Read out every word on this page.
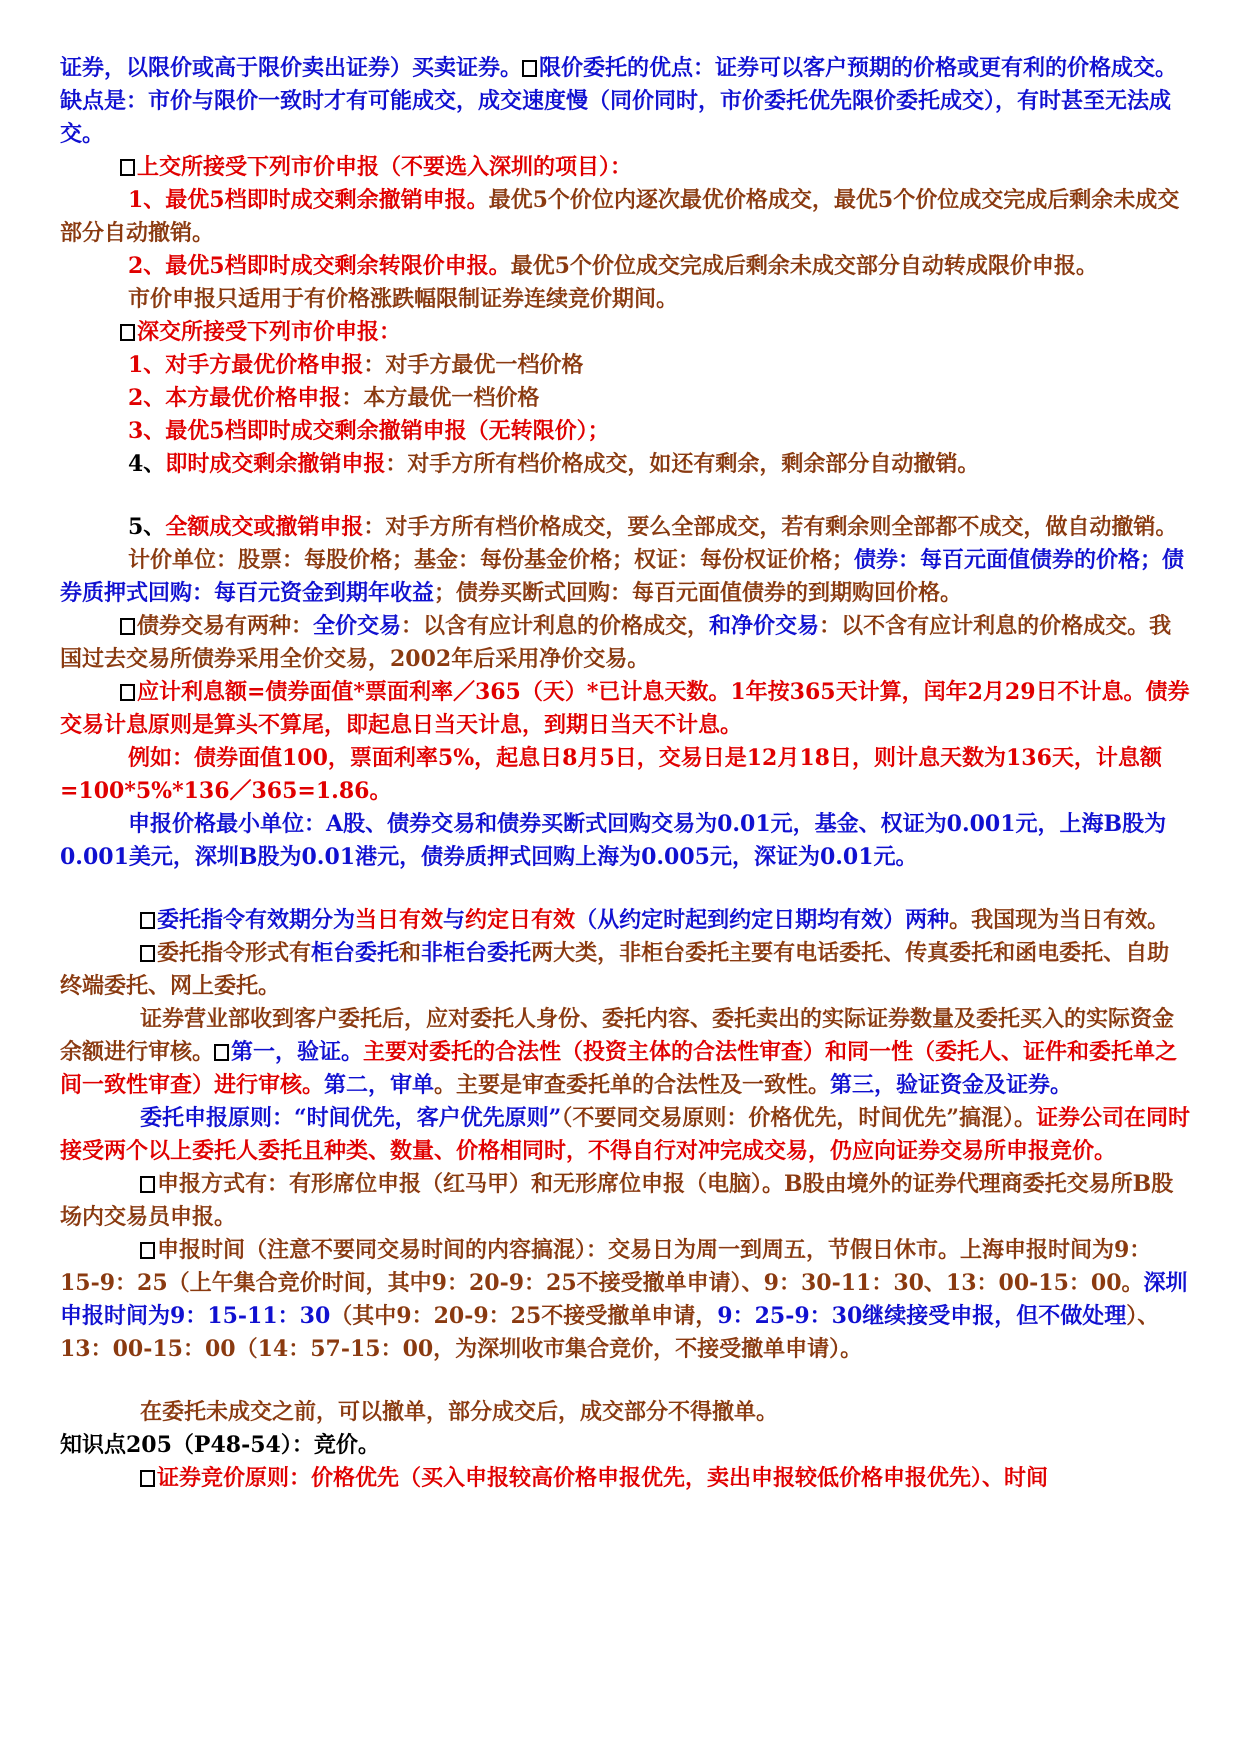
证券，以限价或高于限价卖出证券）买卖证券。 限价委托的优点：证券可以客户预期的价格或更有利的价格成交。缺点是：市价与限价一致时才有可能成交，成交速度慢（同价同时，市价委托优先限价委托成交），有时甚至无法成交。

上交所接受下列市价申报（不要选入深圳的项目）：

1、最优5档即时成交剩余撤销申报。最优5个价位内逐次最优价格成交，最优5个价位成交完成后剩余未成交部分自动撤销。

2、最优5档即时成交剩余转限价申报。最优5个价位成交完成后剩余未成交部分自动转成限价申报。

市价申报只适用于有价格涨跌幅限制证券连续竞价期间。

深交所接受下列市价申报：

1、对手方最优价格申报：对手方最优一档价格

2、本方最优价格申报：本方最优一档价格

3、最优5档即时成交剩余撤销申报（无转限价）；

4、即时成交剩余撤销申报：对手方所有档价格成交，如还有剩余，剩余部分自动撤销。

5、全额成交或撤销申报：对手方所有档价格成交，要么全部成交，若有剩余则全部都不成交，做自动撤销。

计价单位：股票：每股价格；基金：每份基金价格；权证：每份权证价格；债券：每百元面值债券的价格；债券质押式回购：每百元资金到期年收益；债券买断式回购：每百元面值债券的到期购回价格。

债券交易有两种：全价交易：以含有应计利息的价格成交，和净价交易：以不含有应计利息的价格成交。我国过去交易所债券采用全价交易，2002年后采用净价交易。

应计利息额=债券面值*票面利率／365（天）*已计息天数。1年按365天计算，闰年2月29日不计息。债券交易计息原则是算头不算尾，即起息日当天计息，到期日当天不计息。

例如：债券面值100，票面利率5%，起息日8月5日，交易日是12月18日，则计息天数为136天，计息额=100*5%*136／365=1.86。

申报价格最小单位：A股、债券交易和债券买断式回购交易为0.01元，基金、权证为0.001元，上海B股为0.001美元，深圳B股为0.01港元，债券质押式回购上海为0.005元，深证为0.01元。

委托指令有效期分为当日有效与约定日有效（从约定时起到约定日期均有效）两种。我国现为当日有效。

委托指令形式有柜台委托和非柜台委托两大类，非柜台委托主要有电话委托、传真委托和函电委托、自助终端委托、网上委托。

证券营业部收到客户委托后，应对委托人身份、委托内容、委托卖出的实际证券数量及委托买入的实际资金余额进行审核。 第一，验证。主要对委托的合法性（投资主体的合法性审查）和同一性（委托人、证件和委托单之间一致性审查）进行审核。第二，审单。主要是审查委托单的合法性及一致性。第三，验证资金及证券。

委托申报原则：“时间优先，客户优先原则”（不要同交易原则：价格优先，时间优先”搞混）。证券公司在同时接受两个以上委托人委托且种类、数量、价格相同时，不得自行对冲完成交易，仍应向证券交易所申报竞价。

申报方式有：有形席位申报（红马甲）和无形席位申报（电脑）。B股由境外的证券代理商委托交易所B股场内交易员申报。

申报时间（注意不要同交易时间的内容搞混）：交易日为周一到周五，节假日休市。上海申报时间为9：15-9：25（上午集合竞价时间，其中9：20-9：25不接受撤单申请）、9：30-11：30、13：00-15：00。深圳申报时间为9：15-11：30（其中9：20-9：25不接受撤单申请，9：25-9：30继续接受申报，但不做处理）、13：00-15：00（14：57-15：00，为深圳收市集合竞价，不接受撤单申请）。

在委托未成交之前，可以撤单，部分成交后，成交部分不得撤单。

知识点205（P48-54）：竞价。

证券竞价原则：价格优先（买入申报较高价格申报优先，卖出申报较低价格申报优先）、时间
